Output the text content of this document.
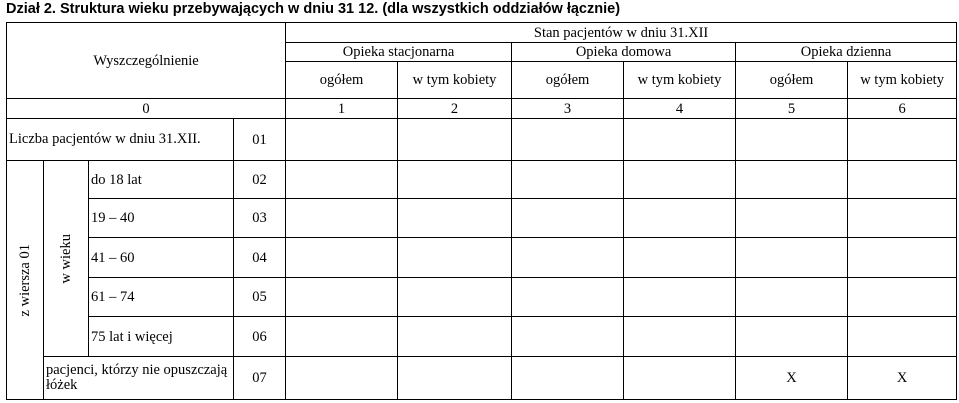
Dział 2. Struktura wieku przebywających w dniu 31 12. (dla wszystkich oddziałów łącznie)
Wyszczególnienie				Stan pacjentów w dniu 31.XII					
				Opieka stacjonarna		Opieka domowa		Opieka dzienna	
				ogółem	w tym kobiety	ogółem	w tym kobiety	ogółem	w tym kobiety
0				1	2	3	4	5	6
Liczba pacjentów w dniu 31.XII.			01						

z wiersza 01	w wieku	do 18 lat	02						
		19 – 40	03						
		41 – 60	04						
		61 – 74	05						
		75 lat i więcej	06						
	pacjenci, którzy nie opuszczają łóżek		07					X	X
